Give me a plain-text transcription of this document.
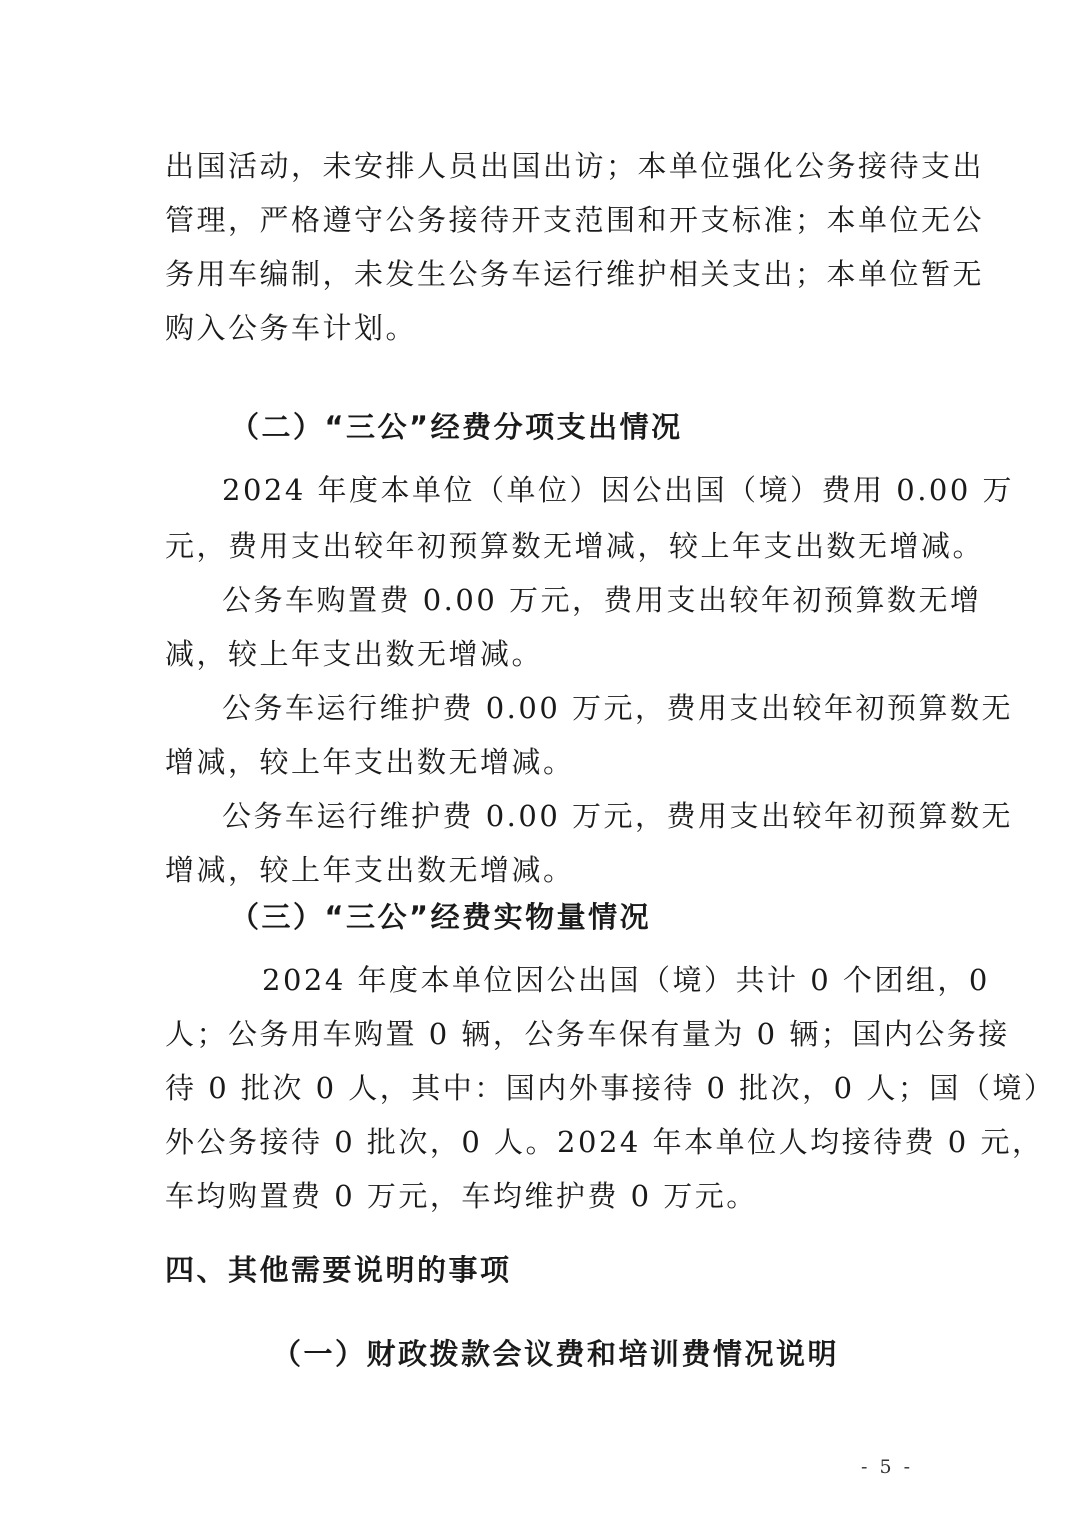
出国活动，未安排人员出国出访；本单位强化公务接待支出
管理，严格遵守公务接待开支范围和开支标准；本单位无公
务用车编制，未发生公务车运行维护相关支出；本单位暂无
购入公务车计划。
（二）“三公”经费分项支出情况
2024 年度本单位（单位）因公出国（境）费用 0.00 万
元，费用支出较年初预算数无增减，较上年支出数无增减。
公务车购置费 0.00 万元，费用支出较年初预算数无增
减，较上年支出数无增减。
公务车运行维护费 0.00 万元，费用支出较年初预算数无
增减，较上年支出数无增减。
公务车运行维护费 0.00 万元，费用支出较年初预算数无
增减，较上年支出数无增减。
（三）“三公”经费实物量情况
2024 年度本单位因公出国（境）共计 0 个团组，0
人；公务用车购置 0 辆，公务车保有量为 0 辆；国内公务接
待 0 批次 0 人，其中：国内外事接待 0 批次，0 人；国（境）
外公务接待 0 批次，0 人。2024 年本单位人均接待费 0 元，
车均购置费 0 万元，车均维护费 0 万元。
四、其他需要说明的事项
（一）财政拨款会议费和培训费情况说明
- 5 -
